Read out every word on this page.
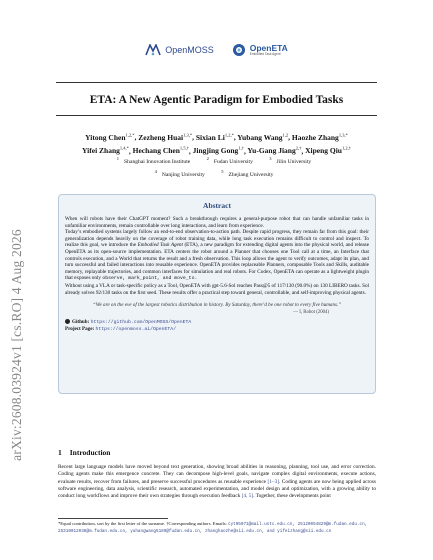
arXiv:2608.03924v1 [cs.RO] 4 Aug 2026
OpenMOSS	OpenETA
Embodied Task Agent
ETA: A New Agentic Paradigm for Embodied Tasks
Yitong Chen$^{1,2,*}$, Zezheng Huai$^{1,3,*}$, Sixian $Li^{1,2,*}$, Yubang Wang$^{1,2}$, Haozhe Zhang$^{1,3,*}$
Yifei Zhang$^{1,4,*}$, Hechang Chen$^{1,5,\dagger}$, Jingjing Gong$^{1,\dagger}$, Yu-Gang Jiang$^{2,\dagger}$, Xipeng Qiu$^{1,2,\dagger}$
$^1$Shanghai Innovation Institute $^2$Fudan University $^3$Jilin University
$^4$Nanjing University $^5$Zhejiang University
Abstract

When will robots have their ChatGPT moment? Such a breakthrough requires a general-purpose robot that can handle unfamiliar tasks in unfamiliar environments, remain controllable over long interactions, and learn from experience.

Today’s embodied systems largely follow an end-to-end observation-to-action path. Despite rapid progress, they remain far from this goal: their generalization depends heavily on the coverage of robot training data, while long task execution remains difficult to control and inspect. To realize this goal, we introduce the Embodied Task Agent (ETA), a new paradigm for extending digital agents into the physical world, and release OpenETA as its open-source implementation. ETA centers the robot around a Planner that chooses one Tool call at a time, an Interface that controls execution, and a World that returns the result and a fresh observation. This loop allows the agent to verify outcomes, adapt its plan, and turn successful and failed interactions into reusable experience. OpenETA provides replaceable Planners, composable Tools and Skills, auditable memory, replayable trajectories, and common interfaces for simulation and real robots. For Codex, OpenETA can operate as a lightweight plugin that exposes only observe, mark_point, and move_to.

Without using a VLA or task-specific policy as a Tool, OpenETA with gpt-5.6-Sol reaches Pass@5 of 117/130 (90.0%) on 130 LIBERO tasks. Sol already solves 92/130 tasks on the first seed. These results offer a practical step toward general, controllable, and self-improving physical agents.

“We are on the eve of the largest robotics distribution in history. By Saturday, there’d be one robot to every five humans.”
— I, Robot (2004)
Github: https://github.com/OpenMOSS/OpenETA
Project Page: https://openmoss.ai/OpenETA/
1 Introduction
Recent large language models have moved beyond text generation, showing broad abilities in reasoning, planning, tool use, and error correction. Coding agents make this emergence concrete. They can decompose high-level goals, navigate complex digital environments, execute actions, evaluate results, recover from failures, and preserve successful procedures as reusable experience [1–3]. Coding agents are now being applied across software engineering, data analysis, scientific research, automated experimentation, and model design and optimization, with a growing ability to conduct long workflows and improve their own strategies through execution feedback [4, 5]. Together, these developments point
*Equal contribution, sort by the first letter of the surname. †Corresponding authors. Emails: cyt05071@mail.ustc.edu.cn, 25120054829@m.fudan.edu.cn, 25310012038@m.fudan.edu.cn, yuhangwang5189@fudan.edu.cn, zhanghaozhe@sii.edu.cn, and yifeizhang@sii.edu.cn
